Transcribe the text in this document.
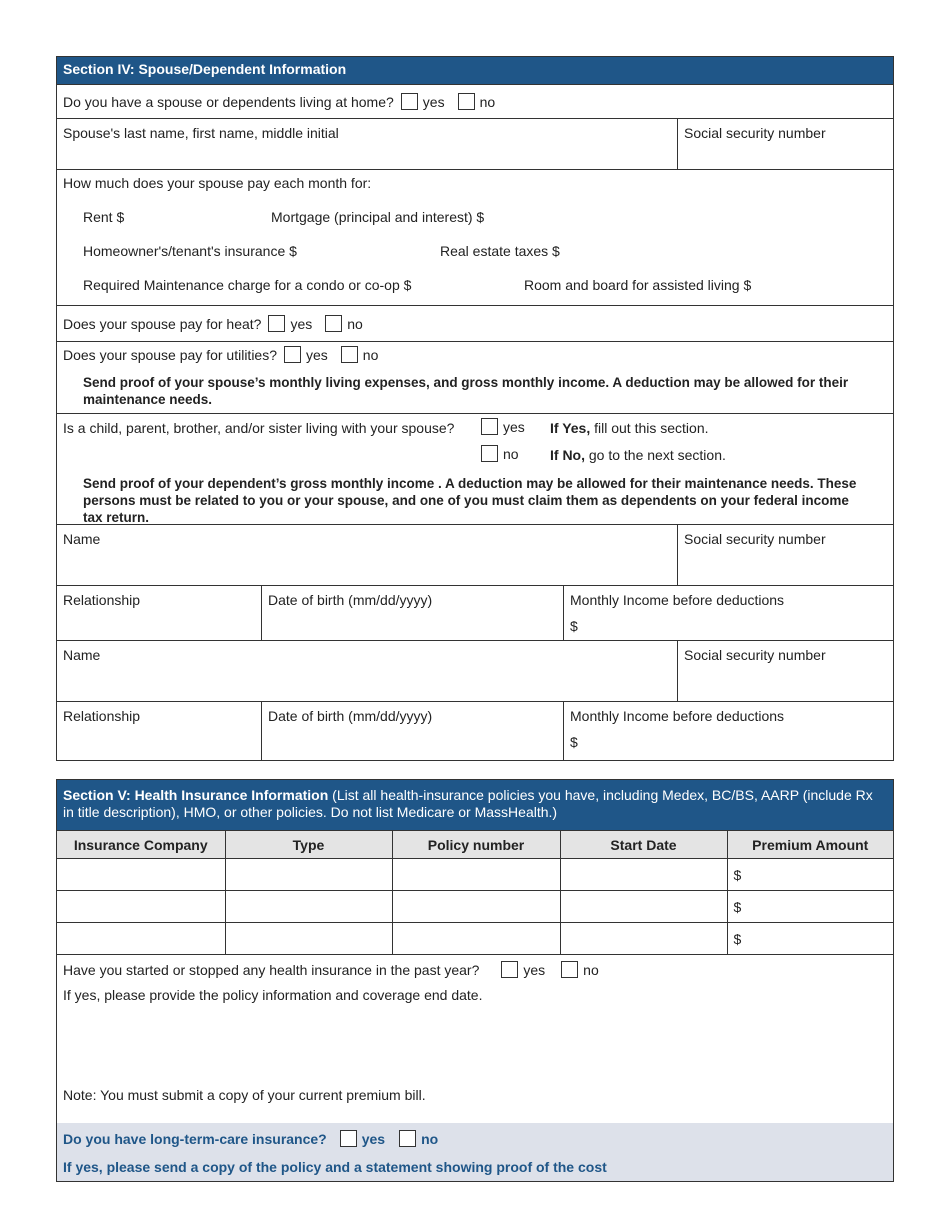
Section IV: Spouse/Dependent Information
Do you have a spouse or dependents living at home? yes	no
Spouse's last name, first name, middle initial	Social security number
How much does your spouse pay each month for:
Rent $	Mortgage (principal and interest) $
Homeowner's/tenant's insurance $	Real estate taxes $
Required Maintenance charge for a condo or co-op $	Room and board for assisted living $
Does your spouse pay for heat? yes	no
Does your spouse pay for utilities? yes	no
Send proof of your spouse’s monthly living expenses, and gross monthly income. A deduction may be allowed for their maintenance needs.
Is a child, parent, brother, and/or sister living with your spouse?	yes If Yes, fill out this section.
no If No, go to the next section.
Send proof of your dependent’s gross monthly income . A deduction may be allowed for their maintenance needs. These persons must be related to you or your spouse, and one of you must claim them as dependents on your federal income tax return.
Name	Social security number
Relationship	Date of birth (mm/dd/yyyy)	Monthly Income before deductions
$
Name	Social security number
Relationship	Date of birth (mm/dd/yyyy)	Monthly Income before deductions
$
Section V: Health Insurance Information (List all health-insurance policies you have, including Medex, BC/BS, AARP (include Rx in title description), HMO, or other policies. Do not list Medicare or MassHealth.)
Insurance Company	Type	Policy number	Start Date	Premium Amount
				$
				$
				$
Have you started or stopped any health insurance in the past year?	yes	no
If yes, please provide the policy information and coverage end date.
Note: You must submit a copy of your current premium bill.
Do you have long-term-care insurance?	yes	no
If yes, please send a copy of the policy and a statement showing proof of the cost
